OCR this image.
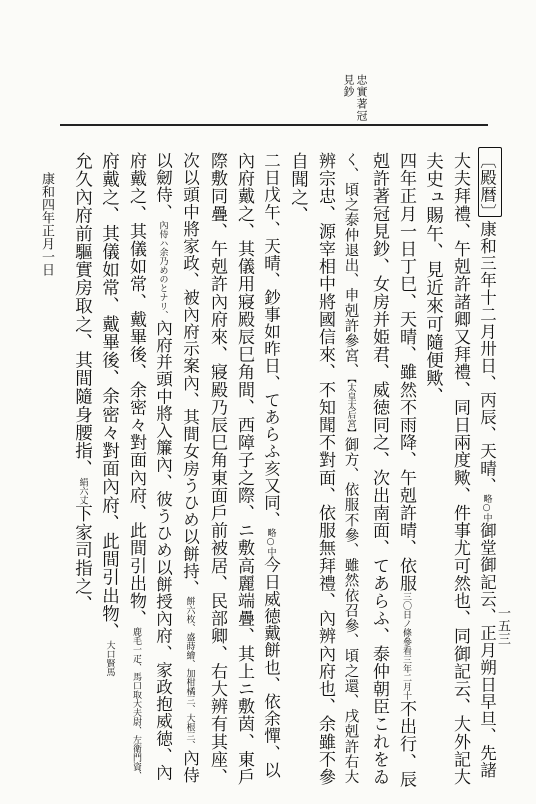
忠實著冠
見鈔
一五三
康和四年正月一日	〔殿暦〕康和三年十二月卅日、丙辰、天晴、略○中御堂御記云、正月朔日早旦、先諸
大夫拜禮、午剋許諸卿又拜禮、同日兩度歟、件事尤可然也、同御記云、大外記大
夫史ュ賜午、見近來可隨便歟、
四年正月一日丁巳、天晴、雖然不雨降、午剋許晴、依服三〇日ノ條參看三年二月十不出行、辰
剋許著冠見鈔、女房并姫君、威徳同之、次出南面、てあらふ、泰仲朝臣これをゐ
く、頃之泰仲退出、申剋許參宮、【太皇太后宮】御方、依服不參、雖然依召參、頃之還、戌剋許右大
辨宗忠、源宰相中將國信來、不知聞不對面、依服無拜禮、內辨內府也、余雖不參
自聞之、
二日戊午、天晴、鈔事如昨日、てあらふ亥又同、略○中今日威徳戴餅也、依余憚、以
內府戴之、其儀用寢殿辰巳角間、西障子之際、ニ敷高麗端疊、其上ニ敷茵、東戶
際敷同疊、午剋許內府來、寢殿乃辰巳角東面戶前被居、民部卿、右大辨有其座、
次以頭中將家政、被內府示案內、其間女房うひめ以餅持、餅六枚、盛蒔繪、加柑橘三、大根三、內侍
以劒侍、內侍ハ余乃めのとナリ、內府并頭中將入簾內、彼うひめ以餅授內府、家政抱威徳、內
府戴之、其儀如常、戴畢後、余密々對面內府、此間引出物、鹿毛一疋、馬口取大夫尉、左衛門資、
府戴之、其儀如常、戴畢後、余密々對面內府、此間引出物、大口賢馬
允久內府前驅實房取之、其間隨身腰指、絹六丈下家司指之、
